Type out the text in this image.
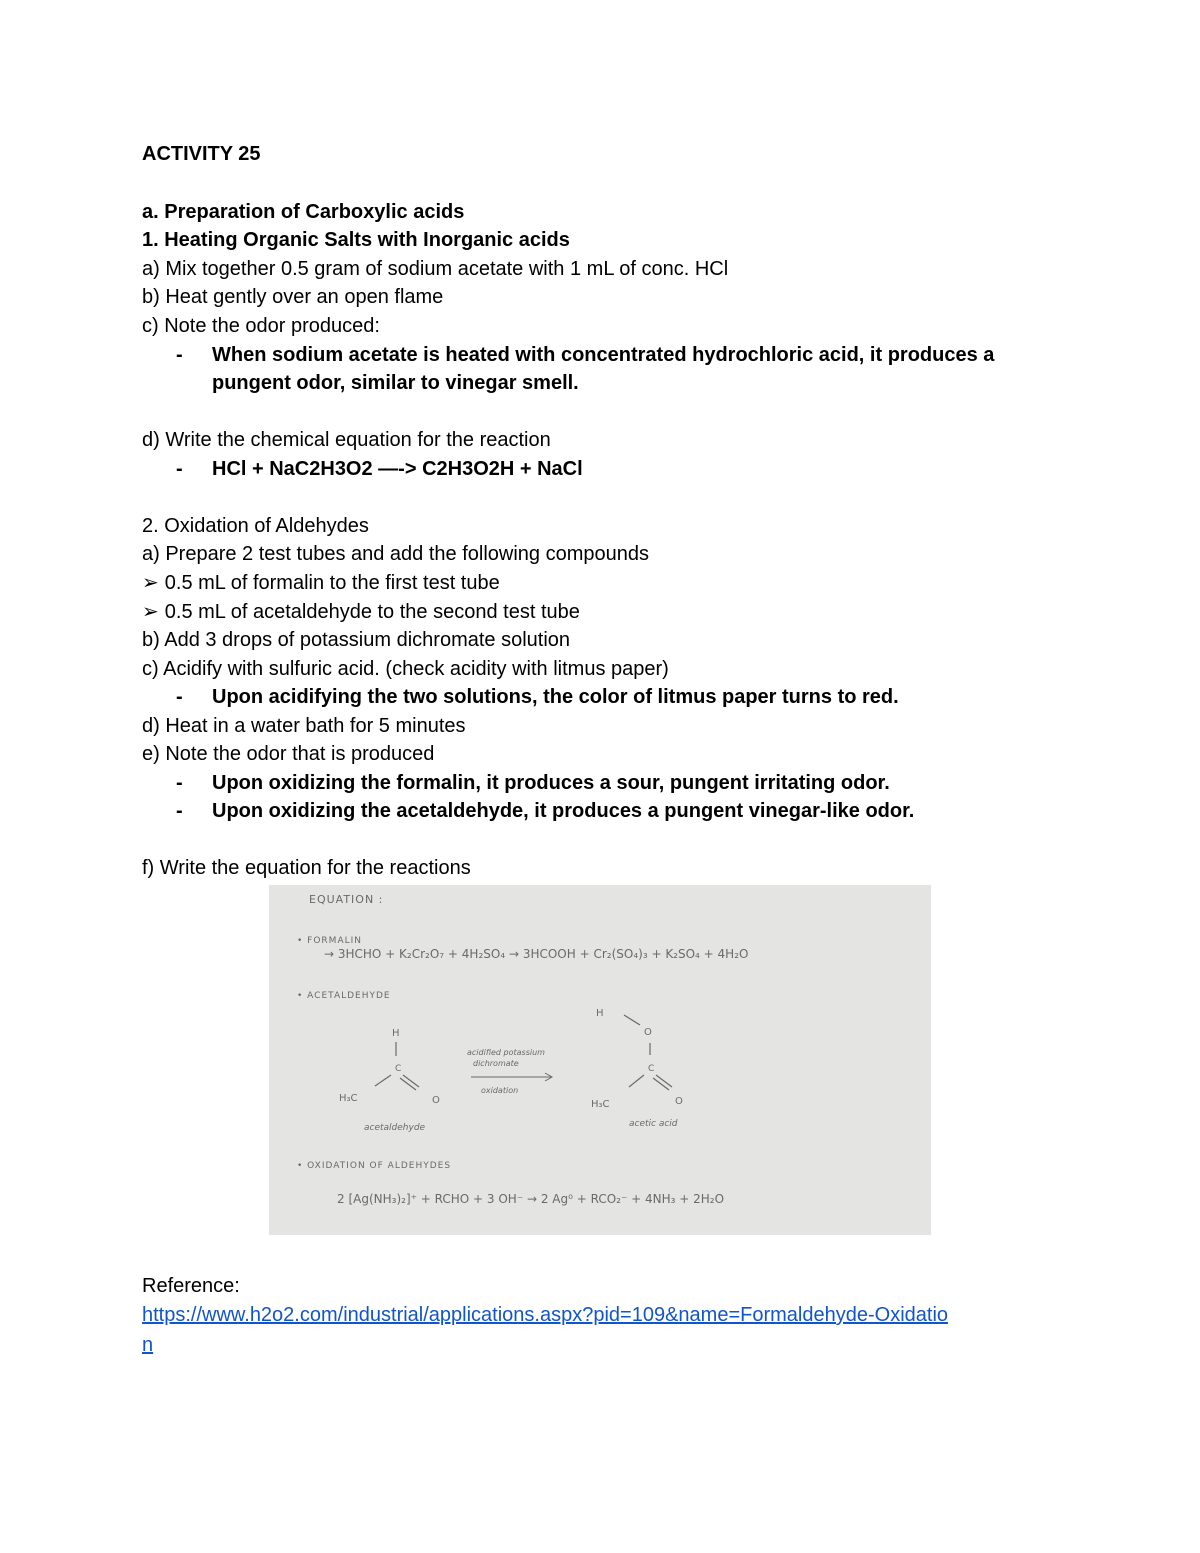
ACTIVITY 25
a. Preparation of Carboxylic acids
1. Heating Organic Salts with Inorganic acids
a) Mix together 0.5 gram of sodium acetate with 1 mL of conc. HCl
b) Heat gently over an open flame
c) Note the odor produced:
- When sodium acetate is heated with concentrated hydrochloric acid, it produces a
pungent odor, similar to vinegar smell.
d) Write the chemical equation for the reaction
- HCl + NaC2H3O2 —-> C2H3O2H + NaCl
2. Oxidation of Aldehydes
a) Prepare 2 test tubes and add the following compounds
➢ 0.5 mL of formalin to the first test tube
➢ 0.5 mL of acetaldehyde to the second test tube
b) Add 3 drops of potassium dichromate solution
c) Acidify with sulfuric acid. (check acidity with litmus paper)
- Upon acidifying the two solutions, the color of litmus paper turns to red.
d) Heat in a water bath for 5 minutes
e) Note the odor that is produced
- Upon oxidizing the formalin, it produces a sour, pungent irritating odor.
- Upon oxidizing the acetaldehyde, it produces a pungent vinegar-like odor.
f) Write the equation for the reactions
EQUATION :
• FORMALIN
→ 3HCHO + K₂Cr₂O₇ + 4H₂SO₄ → 3HCOOH + Cr₂(SO₄)₃ + K₂SO₄ + 4H₂O
• ACETALDEHYDE
H
C
H₃C	O
acetaldehyde
acidified potassium
dichromate
oxidation
H
O
C
H₃C	O
acetic acid
• OXIDATION OF ALDEHYDES
2 [Ag(NH₃)₂]⁺ + RCHO + 3 OH⁻ → 2 Ag⁰ + RCO₂⁻ + 4NH₃ + 2H₂O
Reference:
https://www.h2o2.com/industrial/applications.aspx?pid=109&name=Formaldehyde-Oxidatio
n
